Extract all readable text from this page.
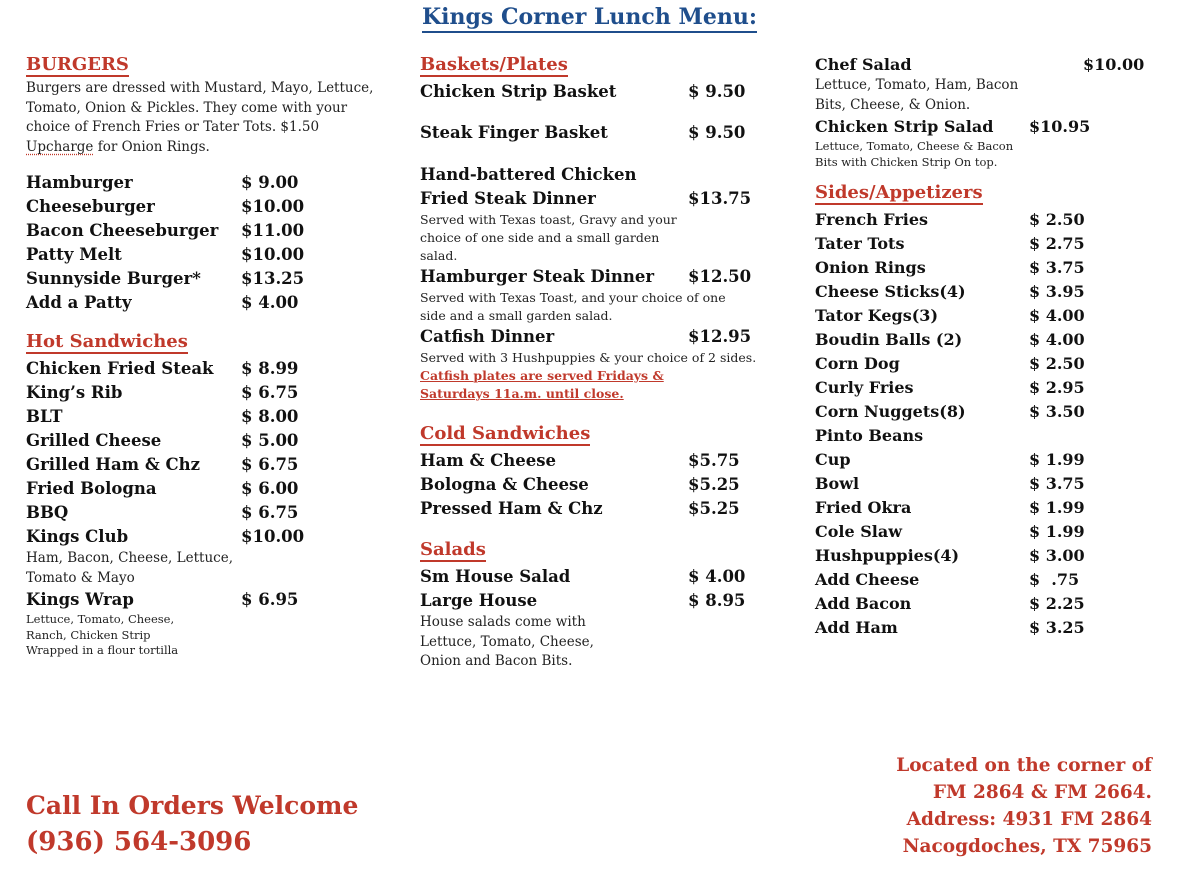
Kings Corner Lunch Menu:
BURGERS
Burgers are dressed with Mustard, Mayo, Lettuce, Tomato, Onion & Pickles. They come with your choice of French Fries or Tater Tots. $1.50 Upcharge for Onion Rings.
Hamburger	$ 9.00
Cheeseburger	$10.00
Bacon Cheeseburger $11.00
Patty Melt	$10.00
Sunnyside Burger* $13.25
Add a Patty	$ 4.00
Hot Sandwiches
Chicken Fried Steak $ 8.99
King’s Rib	$ 6.75
BLT	$ 8.00
Grilled Cheese	$ 5.00
Grilled Ham & Chz $ 6.75
Fried Bologna	$ 6.00
BBQ	$ 6.75
Kings Club	$10.00
Ham, Bacon, Cheese, Lettuce, Tomato & Mayo
Kings Wrap	$ 6.95
Lettuce, Tomato, Cheese, Ranch, Chicken Strip Wrapped in a flour tortilla
Baskets/Plates
Chicken Strip Basket	$ 9.50
Steak Finger Basket	$ 9.50
Hand-battered Chicken
Fried Steak Dinner	$13.75
Served with Texas toast, Gravy and your choice of one side and a small garden salad.
Hamburger Steak Dinner $12.50
Served with Texas Toast, and your choice of one side and a small garden salad.
Catfish Dinner	$12.95
Served with 3 Hushpuppies & your choice of 2 sides.
Catfish plates are served Fridays & Saturdays 11a.m. until close.
Cold Sandwiches
Ham & Cheese	$5.75
Bologna & Cheese	$5.25
Pressed Ham & Chz	$5.25
Salads
Sm House Salad	$ 4.00
Large House	$ 8.95
House salads come with Lettuce, Tomato, Cheese, Onion and Bacon Bits.
Chef Salad	$10.00
Lettuce, Tomato, Ham, Bacon Bits, Cheese, & Onion.
Chicken Strip Salad $10.95
Lettuce, Tomato, Cheese & Bacon Bits with Chicken Strip On top.
Sides/Appetizers
French Fries	$ 2.50
Tater Tots	$ 2.75
Onion Rings	$ 3.75
Cheese Sticks(4)	$ 3.95
Tator Kegs(3)	$ 4.00
Boudin Balls (2)	$ 4.00
Corn Dog	$ 2.50
Curly Fries	$ 2.95
Corn Nuggets(8)	$ 3.50
Pinto Beans
Cup	$ 1.99
Bowl	$ 3.75
Fried Okra	$ 1.99
Cole Slaw	$ 1.99
Hushpuppies(4)	$ 3.00
Add Cheese	$  .75
Add Bacon	$ 2.25
Add Ham	$ 3.25
Call In Orders Welcome
(936) 564-3096
Located on the corner of
FM 2864 & FM 2664.
Address: 4931 FM 2864
Nacogdoches, TX 75965
